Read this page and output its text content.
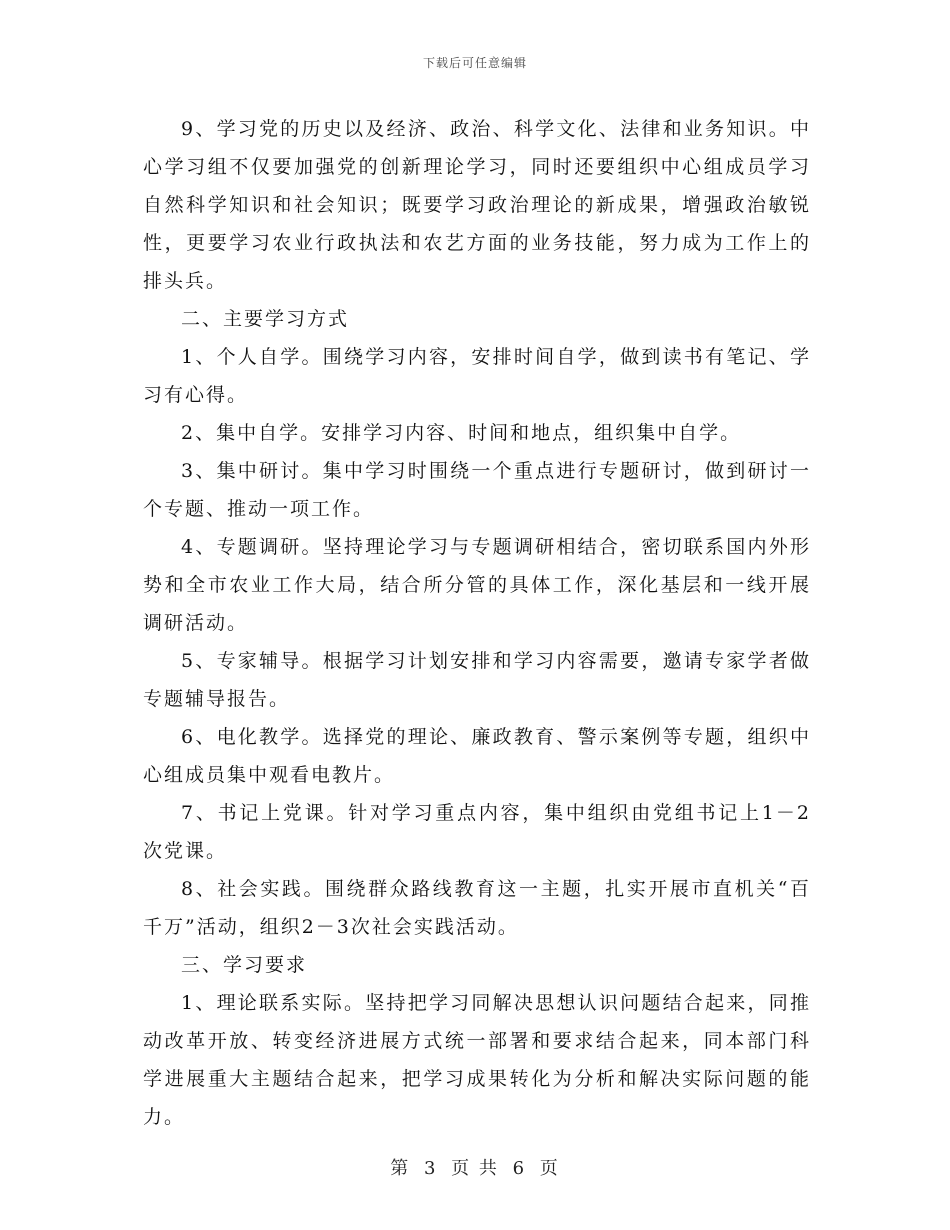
下载后可任意编辑

9、学习党的历史以及经济、政治、科学文化、法律和业务知识。中心学习组不仅要加强党的创新理论学习，同时还要组织中心组成员学习自然科学知识和社会知识；既要学习政治理论的新成果，增强政治敏锐性，更要学习农业行政执法和农艺方面的业务技能，努力成为工作上的排头兵。

二、主要学习方式

1、个人自学。围绕学习内容，安排时间自学，做到读书有笔记、学习有心得。

2、集中自学。安排学习内容、时间和地点，组织集中自学。

3、集中研讨。集中学习时围绕一个重点进行专题研讨，做到研讨一个专题、推动一项工作。

4、专题调研。坚持理论学习与专题调研相结合，密切联系国内外形势和全市农业工作大局，结合所分管的具体工作，深化基层和一线开展调研活动。

5、专家辅导。根据学习计划安排和学习内容需要，邀请专家学者做专题辅导报告。

6、电化教学。选择党的理论、廉政教育、警示案例等专题，组织中心组成员集中观看电教片。

7、书记上党课。针对学习重点内容，集中组织由党组书记上1－2次党课。

8、社会实践。围绕群众路线教育这一主题，扎实开展市直机关“百千万”活动，组织2－3次社会实践活动。

三、学习要求

1、理论联系实际。坚持把学习同解决思想认识问题结合起来，同推动改革开放、转变经济进展方式统一部署和要求结合起来，同本部门科学进展重大主题结合起来，把学习成果转化为分析和解决实际问题的能力。

第 3 页 共 6 页
